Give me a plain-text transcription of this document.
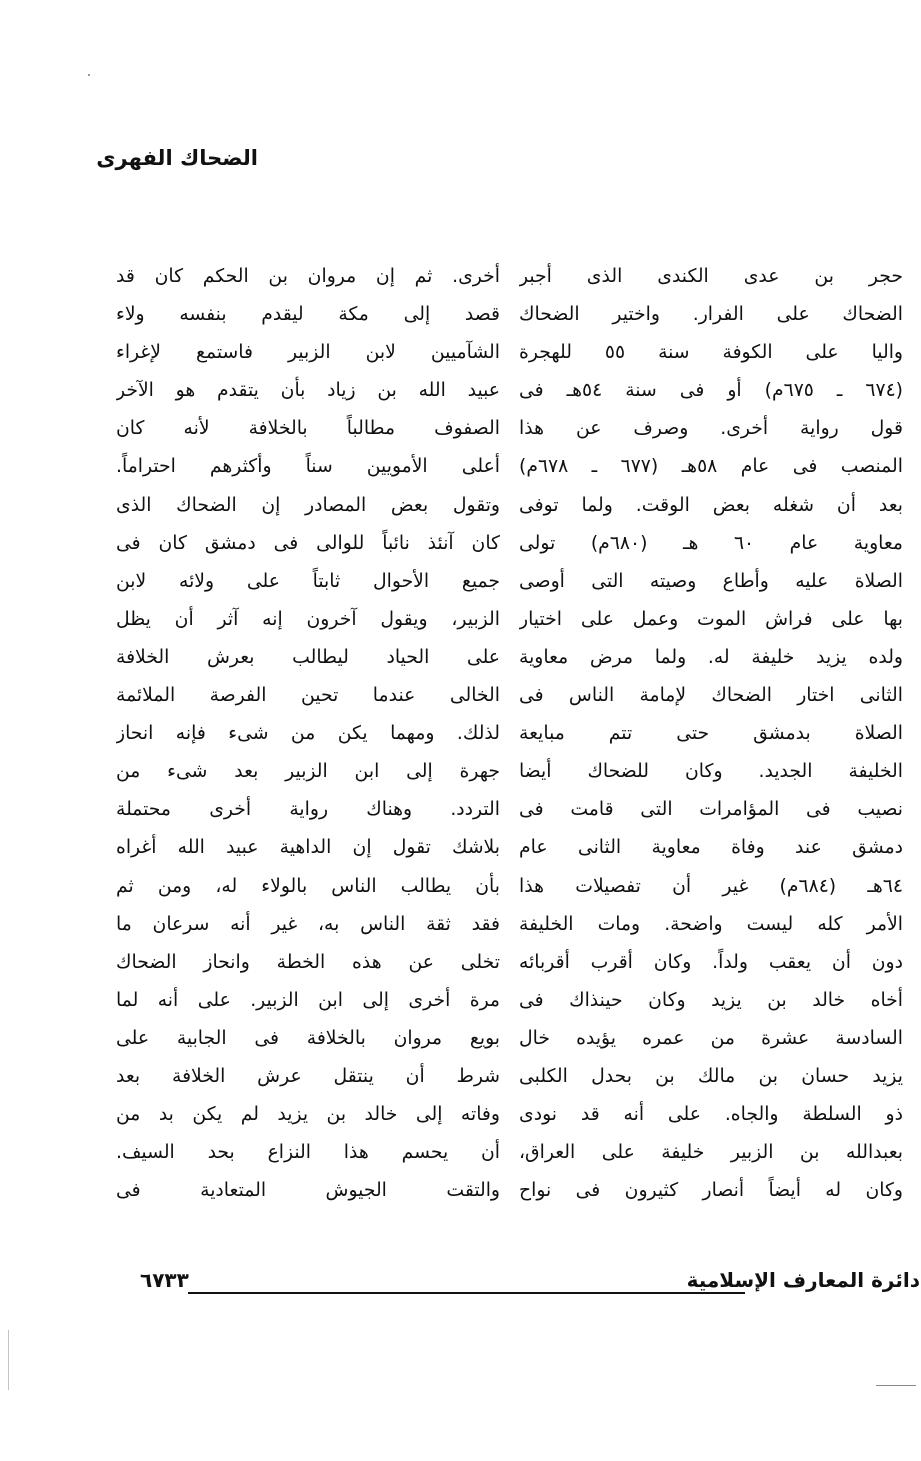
الضحاك الفهرى
حجر بن عدى الكندى الذى أجبر
الضحاك على الفرار. واختير الضحاك
واليا على الكوفة سنة ٥٥ للهجرة
(٦٧٤ ـ ٦٧٥م) أو فى سنة ٥٤هـ فى
قول رواية أخرى. وصرف عن هذا
المنصب فى عام ٥٨هـ (٦٧٧ ـ ٦٧٨م)
بعد أن شغله بعض الوقت. ولما توفى
معاوية عام ٦٠ هـ (٦٨٠م) تولى
الصلاة عليه وأطاع وصيته التى أوصى
بها على فراش الموت وعمل على اختيار
ولده يزيد خليفة له. ولما مرض معاوية
الثانى اختار الضحاك لإمامة الناس فى
الصلاة بدمشق حتى تتم مبايعة
الخليفة الجديد. وكان للضحاك أيضا
نصيب فى المؤامرات التى قامت فى
دمشق عند وفاة معاوية الثانى عام
٦٤هـ (٦٨٤م) غير أن تفصيلات هذا
الأمر كله ليست واضحة. ومات الخليفة
دون أن يعقب ولداً. وكان أقرب أقربائه
أخاه خالد بن يزيد وكان حينذاك فى
السادسة عشرة من عمره يؤيده خال
يزيد حسان بن مالك بن بحدل الكلبى
ذو السلطة والجاه. على أنه قد نودى
بعبدالله بن الزبير خليفة على العراق،
وكان له أيضاً أنصار كثيرون فى نواح
أخرى. ثم إن مروان بن الحكم كان قد
قصد إلى مكة ليقدم بنفسه ولاء
الشآميين لابن الزبير فاستمع لإغراء
عبيد الله بن زياد بأن يتقدم هو الآخر
الصفوف مطالباً بالخلافة لأنه كان
أعلى الأمويين سناً وأكثرهم احتراماً.
وتقول بعض المصادر إن الضحاك الذى
كان آنئذ نائباً للوالى فى دمشق كان فى
جميع الأحوال ثابتاً على ولائه لابن
الزبير، ويقول آخرون إنه آثر أن يظل
على الحياد ليطالب بعرش الخلافة
الخالى عندما تحين الفرصة الملائمة
لذلك. ومهما يكن من شىء فإنه انحاز
جهرة إلى ابن الزبير بعد شىء من
التردد. وهناك رواية أخرى محتملة
بلاشك تقول إن الداهية عبيد الله أغراه
بأن يطالب الناس بالولاء له، ومن ثم
فقد ثقة الناس به، غير أنه سرعان ما
تخلى عن هذه الخطة وانحاز الضحاك
مرة أخرى إلى ابن الزبير. على أنه لما
بويع مروان بالخلافة فى الجابية على
شرط أن ينتقل عرش الخلافة بعد
وفاته إلى خالد بن يزيد لم يكن بد من
أن يحسم هذا النزاع بحد السيف.
والتقت الجيوش المتعادية فى
دائرة المعارف الإسلامية
٦٧٣٣
